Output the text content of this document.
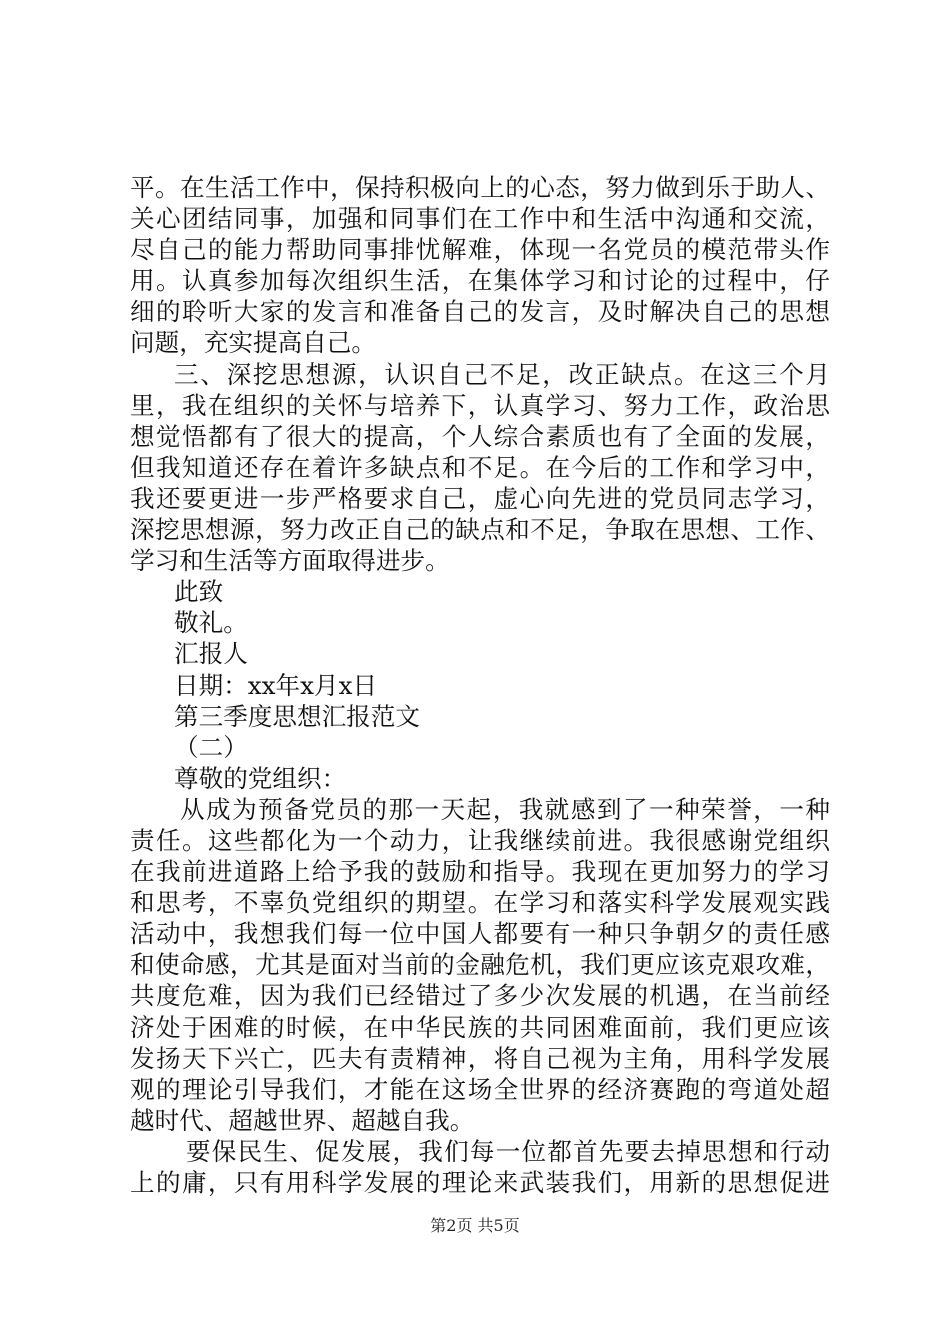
平。在生活工作中，保持积极向上的心态，努力做到乐于助人、
关心团结同事，加强和同事们在工作中和生活中沟通和交流，
尽自己的能力帮助同事排忧解难，体现一名党员的模范带头作
用。认真参加每次组织生活，在集体学习和讨论的过程中，仔
细的聆听大家的发言和准备自己的发言，及时解决自己的思想
问题，充实提高自己。
三、深挖思想源，认识自己不足，改正缺点。在这三个月
里，我在组织的关怀与培养下，认真学习、努力工作，政治思
想觉悟都有了很大的提高，个人综合素质也有了全面的发展，
但我知道还存在着许多缺点和不足。在今后的工作和学习中，
我还要更进一步严格要求自己，虚心向先进的党员同志学习，
深挖思想源，努力改正自己的缺点和不足，争取在思想、工作、
学习和生活等方面取得进步。
此致
敬礼。
汇报人
日期：xx年x月x日
第三季度思想汇报范文
（二）
尊敬的党组织：
从成为预备党员的那一天起，我就感到了一种荣誉，一种
责任。这些都化为一个动力，让我继续前进。我很感谢党组织
在我前进道路上给予我的鼓励和指导。我现在更加努力的学习
和思考，不辜负党组织的期望。在学习和落实科学发展观实践
活动中，我想我们每一位中国人都要有一种只争朝夕的责任感
和使命感，尤其是面对当前的金融危机，我们更应该克艰攻难，
共度危难，因为我们已经错过了多少次发展的机遇，在当前经
济处于困难的时候，在中华民族的共同困难面前，我们更应该
发扬天下兴亡，匹夫有责精神，将自己视为主角，用科学发展
观的理论引导我们，才能在这场全世界的经济赛跑的弯道处超
越时代、超越世界、超越自我。
要保民生、促发展，我们每一位都首先要去掉思想和行动
上的庸，只有用科学发展的理论来武装我们，用新的思想促进
第2页 共5页
